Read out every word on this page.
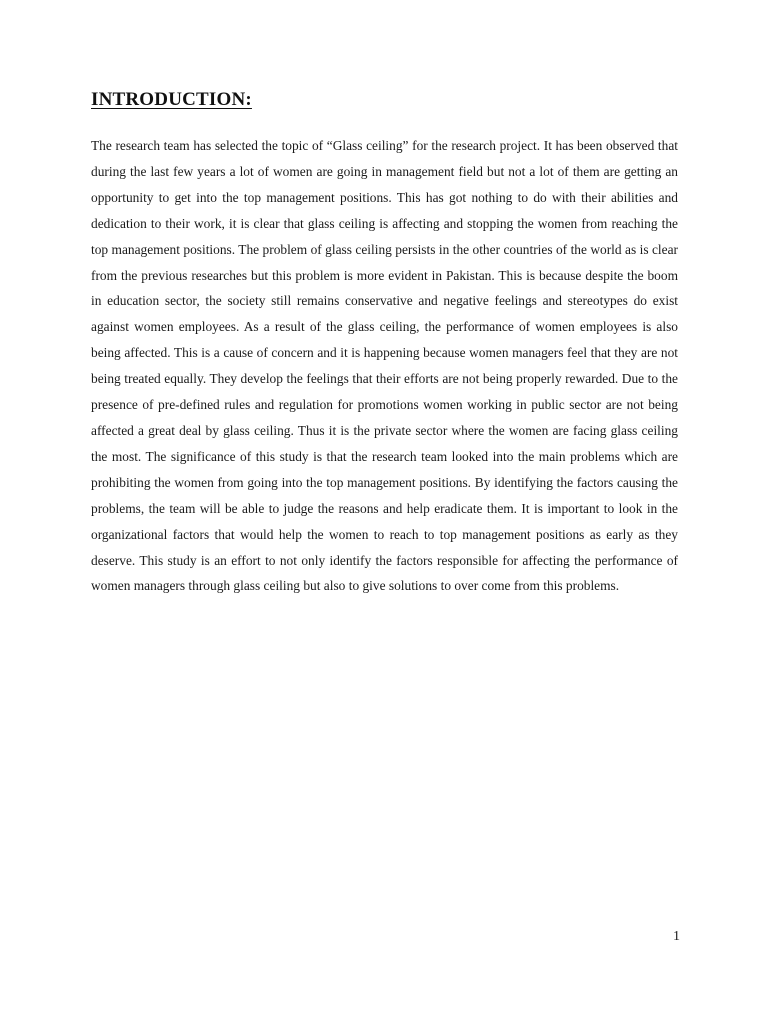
INTRODUCTION:

The research team has selected the topic of “Glass ceiling” for the research project. It has been observed that during the last few years a lot of women are going in management field but not a lot of them are getting an opportunity to get into the top management positions. This has got nothing to do with their abilities and dedication to their work, it is clear that glass ceiling is affecting and stopping the women from reaching the top management positions. The problem of glass ceiling persists in the other countries of the world as is clear from the previous researches but this problem is more evident in Pakistan. This is because despite the boom in education sector, the society still remains conservative and negative feelings and stereotypes do exist against women employees. As a result of the glass ceiling, the performance of women employees is also being affected. This is a cause of concern and it is happening because women managers feel that they are not being treated equally. They develop the feelings that their efforts are not being properly rewarded. Due to the presence of pre-defined rules and regulation for promotions women working in public sector are not being affected a great deal by glass ceiling. Thus it is the private sector where the women are facing glass ceiling the most. The significance of this study is that the research team looked into the main problems which are prohibiting the women from going into the top management positions. By identifying the factors causing the problems, the team will be able to judge the reasons and help eradicate them. It is important to look in the organizational factors that would help the women to reach to top management positions as early as they deserve. This study is an effort to not only identify the factors responsible for affecting the performance of women managers through glass ceiling but also to give solutions to over come from this problems.

1
